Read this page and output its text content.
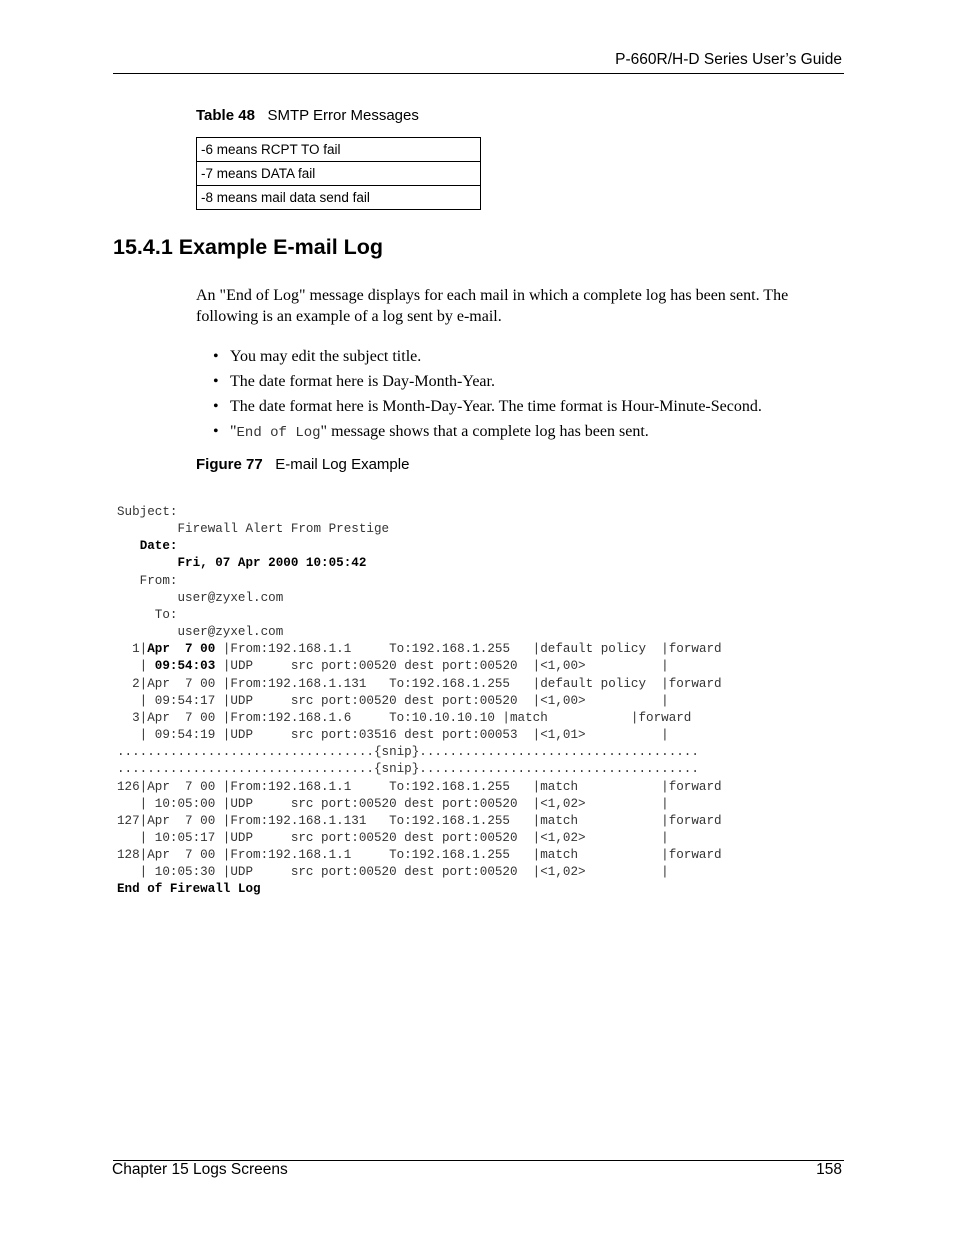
P-660R/H-D Series User’s Guide
Table 48 SMTP Error Messages
-6 means RCPT TO fail
-7 means DATA fail
-8 means mail data send fail
15.4.1 Example E-mail Log

An "End of Log" message displays for each mail in which a complete log has been sent. The following is an example of a log sent by e-mail.

• You may edit the subject title.
• The date format here is Day-Month-Year.
• The date format here is Month-Day-Year. The time format is Hour-Minute-Second.
• "End of Log" message shows that a complete log has been sent.
Figure 77 E-mail Log Example
Subject:
Firewall Alert From Prestige
Date:
Fri, 07 Apr 2000 10:05:42
From:
user@zyxel.com
To:
user@zyxel.com
1|Apr  7 00 |From:192.168.1.1     To:192.168.1.255   |default policy  |forward
| 09:54:03 |UDP     src port:00520 dest port:00520  |<1,00>          |
2|Apr  7 00 |From:192.168.1.131   To:192.168.1.255   |default policy  |forward
| 09:54:17 |UDP     src port:00520 dest port:00520  |<1,00>          |
3|Apr  7 00 |From:192.168.1.6     To:10.10.10.10 |match           |forward
| 09:54:19 |UDP     src port:03516 dest port:00053  |<1,01>          |
..................................{snip}.....................................
..................................{snip}.....................................
126|Apr  7 00 |From:192.168.1.1     To:192.168.1.255   |match           |forward
| 10:05:00 |UDP     src port:00520 dest port:00520  |<1,02>          |
127|Apr  7 00 |From:192.168.1.131   To:192.168.1.255   |match           |forward
| 10:05:17 |UDP     src port:00520 dest port:00520  |<1,02>          |
128|Apr  7 00 |From:192.168.1.1     To:192.168.1.255   |match           |forward
| 10:05:30 |UDP     src port:00520 dest port:00520  |<1,02>          |
End of Firewall Log
Chapter 15 Logs Screens	158
